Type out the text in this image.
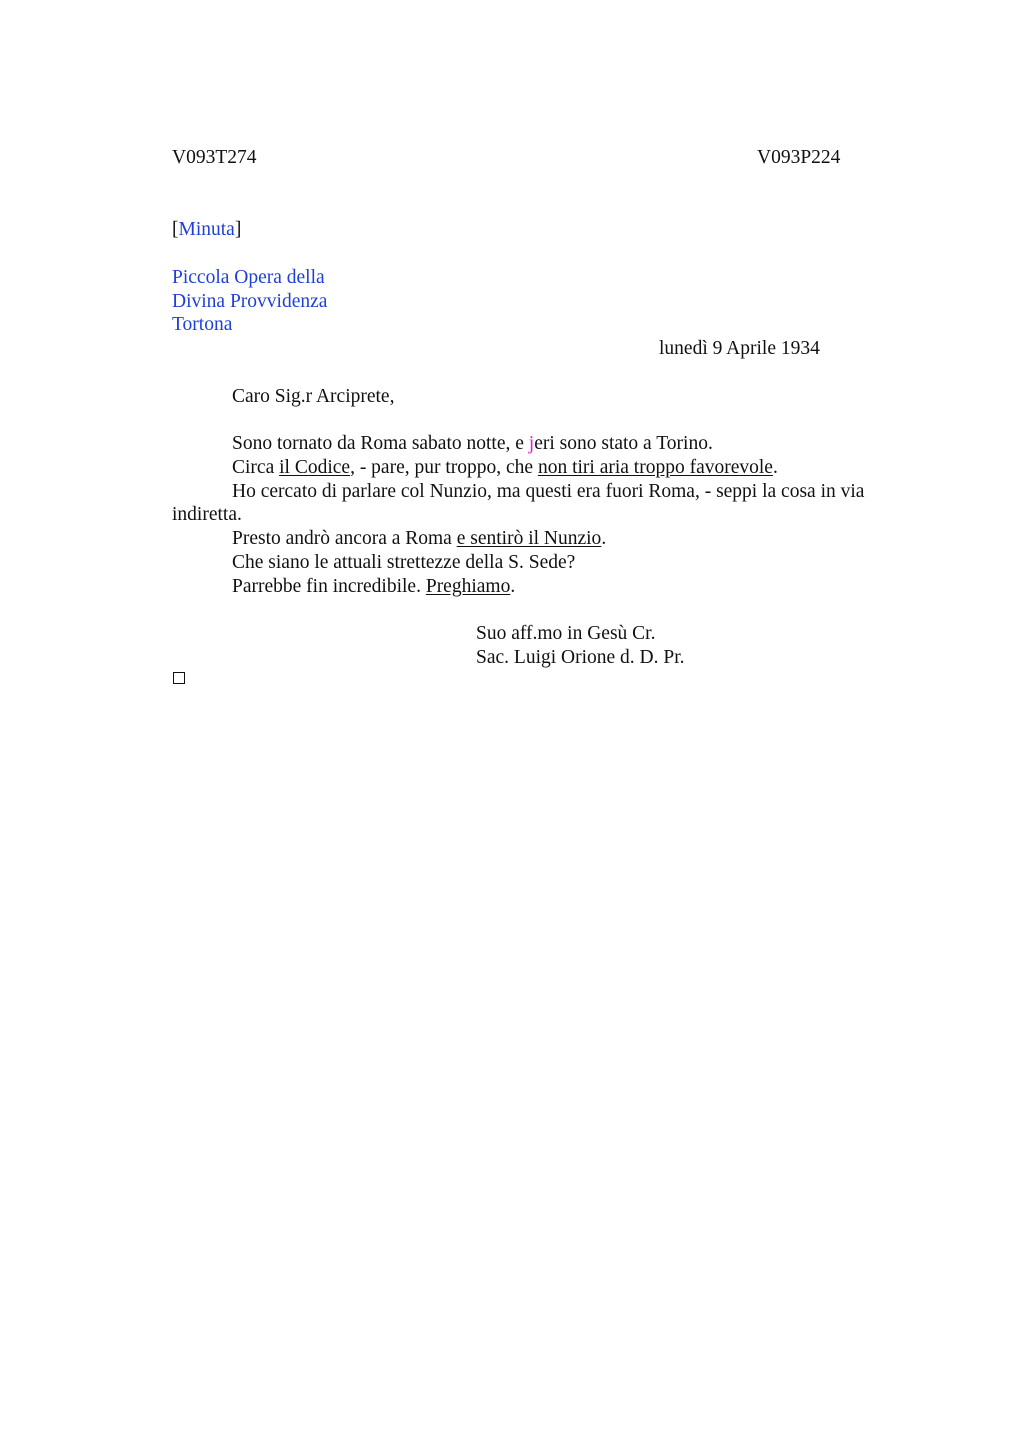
V093T274	V093P224
[Minuta]
Piccola Opera della
Divina Provvidenza
Tortona
lunedì 9 Aprile 1934
Caro Sig.r Arciprete,
Sono tornato da Roma sabato notte, e jeri sono stato a Torino.
Circa il Codice, - pare, pur troppo, che non tiri aria troppo favorevole.
Ho cercato di parlare col Nunzio, ma questi era fuori Roma, - seppi la cosa in via
indiretta.
Presto andrò ancora a Roma e sentirò il Nunzio.
Che siano le attuali strettezze della S. Sede?
Parrebbe fin incredibile. Preghiamo.
Suo aff.mo in Gesù Cr.
Sac. Luigi Orione d. D. Pr.
